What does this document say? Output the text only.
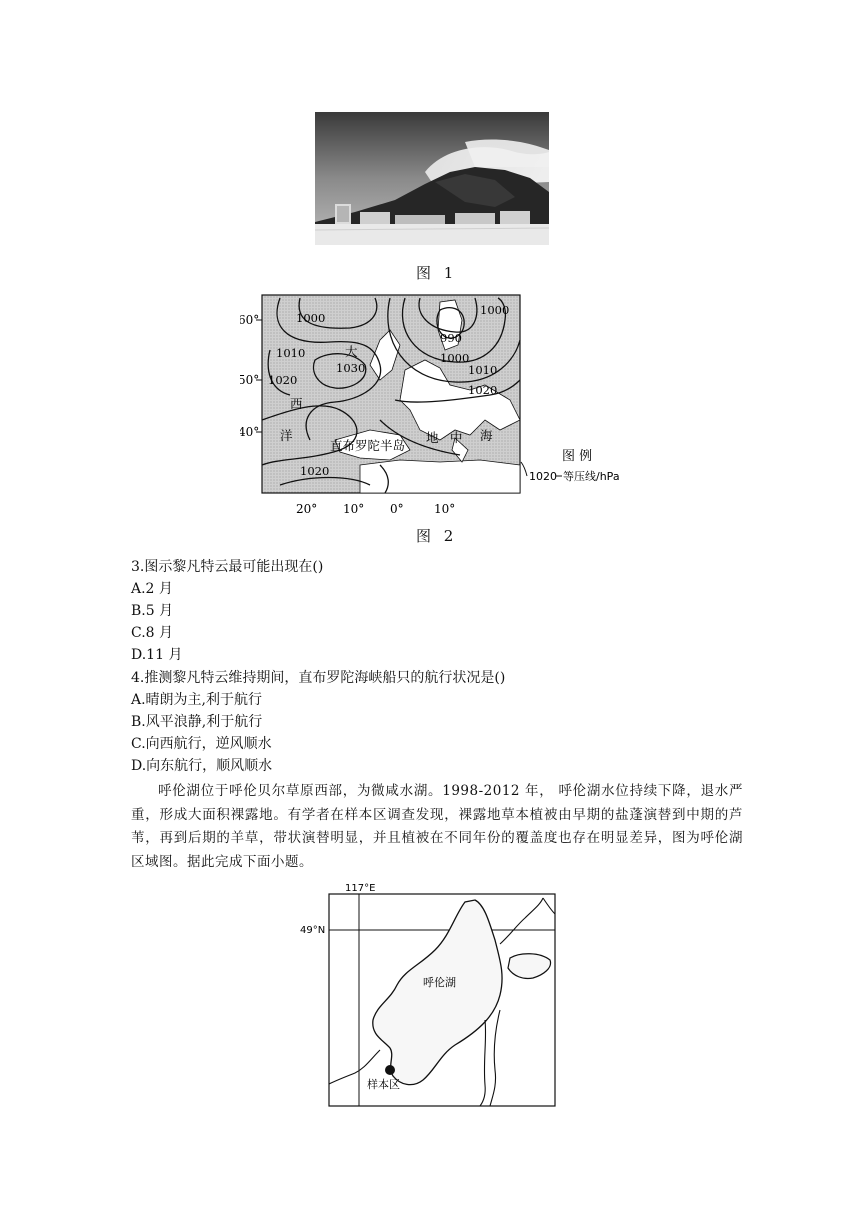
图 1
60°
50°
40°
20° 10° 0°	10°
1000
1010
1030
1020
1020
990
1000
1000
1010
1020
大
西
洋
直布罗陀半岛
地 中 海
图 例
1020 等压线/hPa
图 2
3.图示黎凡特云最可能出现在()
A.2 月
B.5 月
C.8 月
D.11 月
4.推测黎凡特云维持期间，直布罗陀海峡船只的航行状况是()
A.晴朗为主,利于航行
B.风平浪静,利于航行
C.向西航行，逆风顺水
D.向东航行，顺风顺水
呼伦湖位于呼伦贝尔草原西部，为微咸水湖。1998-2012 年， 呼伦湖水位持续下降，退水严重，形成大面积裸露地。有学者在样本区调查发现，裸露地草本植被由早期的盐蓬演替到中期的芦苇，再到后期的羊草，带状演替明显，并且植被在不同年份的覆盖度也存在明显差异，图为呼伦湖区域图。据此完成下面小题。
117°E
49°N
呼伦湖
样本区
